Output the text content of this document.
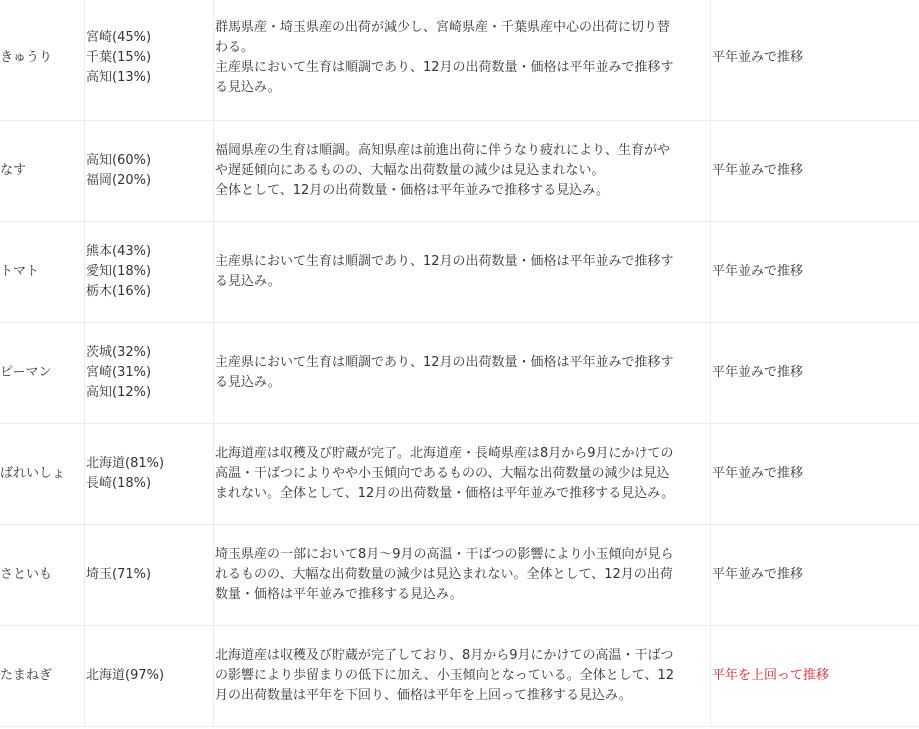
きゅうり	宮崎(45%)
千葉(15%)
高知(13%)	群馬県産・埼玉県産の出荷が減少し、宮崎県産・千葉県産中心の出荷に切り替
わる。
主産県において生育は順調であり、12月の出荷数量・価格は平年並みで推移す
る見込み。	平年並みで推移
なす	高知(60%)
福岡(20%)	福岡県産の生育は順調。高知県産は前進出荷に伴うなり疲れにより、生育がや
や遅延傾向にあるものの、大幅な出荷数量の減少は見込まれない。
全体として、12月の出荷数量・価格は平年並みで推移する見込み。	平年並みで推移
トマト	熊本(43%)
愛知(18%)
栃木(16%)	主産県において生育は順調であり、12月の出荷数量・価格は平年並みで推移す
る見込み。	平年並みで推移
ピーマン	茨城(32%)
宮崎(31%)
高知(12%)	主産県において生育は順調であり、12月の出荷数量・価格は平年並みで推移す
る見込み。	平年並みで推移
ばれいしょ	北海道(81%)
長崎(18%)	北海道産は収穫及び貯蔵が完了。北海道産・長崎県産は8月から9月にかけての
高温・干ばつによりやや小玉傾向であるものの、大幅な出荷数量の減少は見込
まれない。全体として、12月の出荷数量・価格は平年並みで推移する見込み。	平年並みで推移
さといも	埼玉(71%)	埼玉県産の一部において8月～9月の高温・干ばつの影響により小玉傾向が見ら
れるものの、大幅な出荷数量の減少は見込まれない。全体として、12月の出荷
数量・価格は平年並みで推移する見込み。	平年並みで推移
たまねぎ	北海道(97%)	北海道産は収穫及び貯蔵が完了しており、8月から9月にかけての高温・干ばつ
の影響により歩留まりの低下に加え、小玉傾向となっている。全体として、12
月の出荷数量は平年を下回り、価格は平年を上回って推移する見込み。	平年を上回って推移
